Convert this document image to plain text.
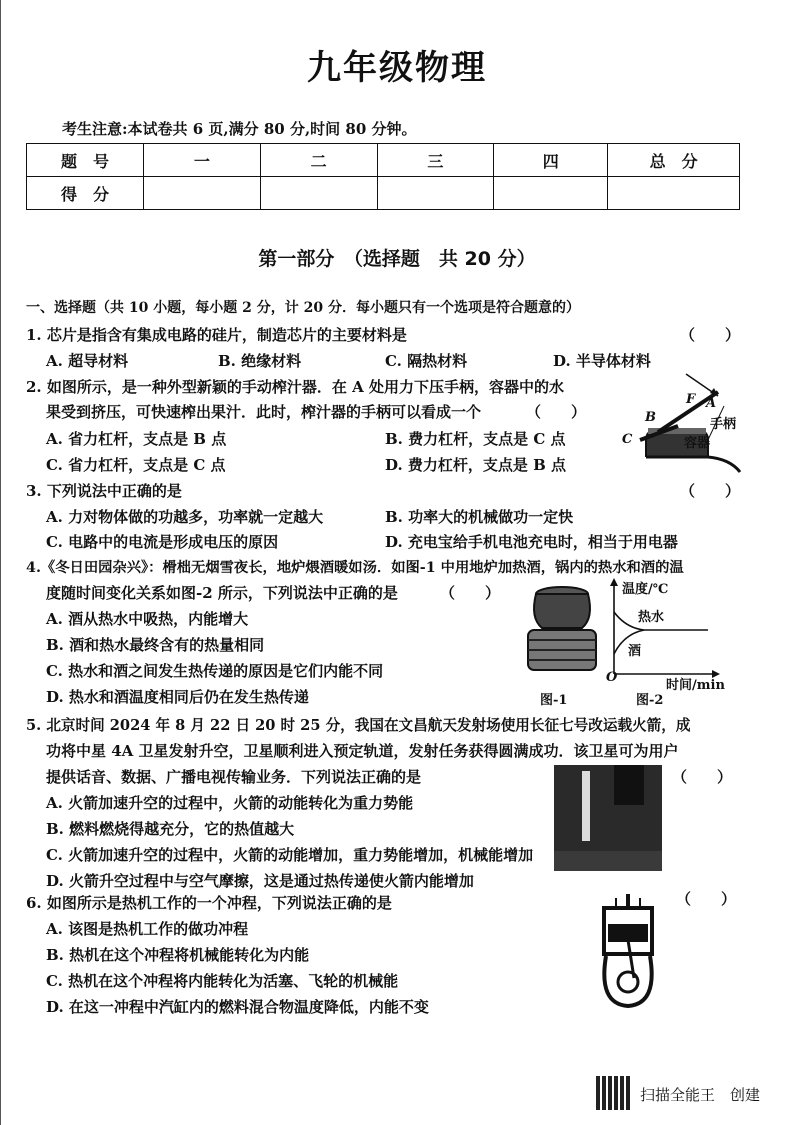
九年级物理
考生注意:本试卷共 6 页,满分 80 分,时间 80 分钟。
题　号	一	二	三	四	总　分
得　分					
第一部分　（选择题　共 20 分）
一、选择题（共 10 小题，每小题 2 分，计 20 分．每小题只有一个选项是符合题意的）
1. 芯片是指含有集成电路的硅片，制造芯片的主要材料是	（　　）
A. 超导材料	B. 绝缘材料	C. 隔热材料	D. 半导体材料
2. 如图所示，是一种外型新颖的手动榨汁器．在 A 处用力下压手柄，容器中的水
果受到挤压，可快速榨出果汁．此时，榨汁器的手柄可以看成一个	（　　）
A. 省力杠杆，支点是 B 点	B. 费力杠杆，支点是 C 点
C. 省力杠杆，支点是 C 点	D. 费力杠杆，支点是 B 点
F A
B
C
手柄
容器
3. 下列说法中正确的是	（　　）
A. 力对物体做的功越多，功率就一定越大	B. 功率大的机械做功一定快
C. 电路中的电流是形成电压的原因	D. 充电宝给手机电池充电时，相当于用电器
4.《冬日田园杂兴》：榾柮无烟雪夜长，地炉煨酒暖如汤．如图-1 中用地炉加热酒，锅内的热水和酒的温
度随时间变化关系如图-2 所示，下列说法中正确的是	（　　）
A. 酒从热水中吸热，内能增大
B. 酒和热水最终含有的热量相同
C. 热水和酒之间发生热传递的原因是它们内能不同
D. 热水和酒温度相同后仍在发生热传递
温度/℃
热水
酒
O
时间/min
图-1	图-2
5. 北京时间 2024 年 8 月 22 日 20 时 25 分，我国在文昌航天发射场使用长征七号改运载火箭，成
功将中星 4A 卫星发射升空，卫星顺利进入预定轨道，发射任务获得圆满成功．该卫星可为用户
提供话音、数据、广播电视传输业务．下列说法正确的是	（　　）
A. 火箭加速升空的过程中，火箭的动能转化为重力势能
B. 燃料燃烧得越充分，它的热值越大
C. 火箭加速升空的过程中，火箭的动能增加，重力势能增加，机械能增加
D. 火箭升空过程中与空气摩擦，这是通过热传递使火箭内能增加
6. 如图所示是热机工作的一个冲程，下列说法正确的是	（　　）
A. 该图是热机工作的做功冲程
B. 热机在这个冲程将机械能转化为内能
C. 热机在这个冲程将内能转化为活塞、飞轮的机械能
D. 在这一冲程中汽缸内的燃料混合物温度降低，内能不变
扫描全能王　创建
